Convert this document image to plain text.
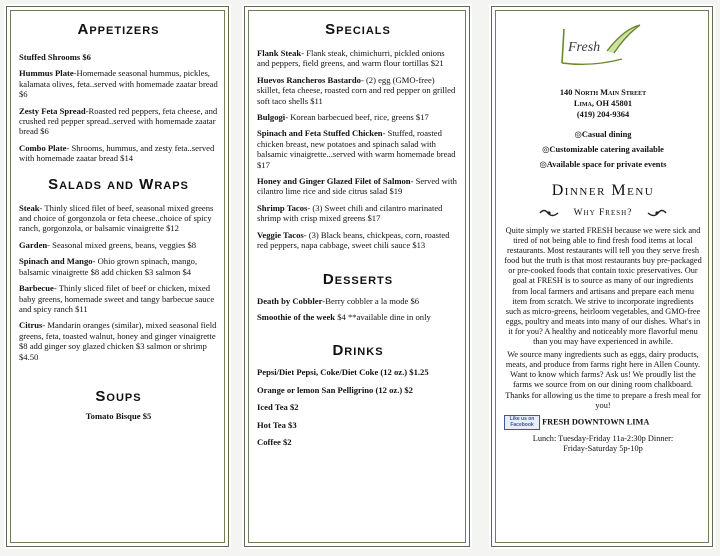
Appetizers

Stuffed Shrooms $6

Hummus Plate-Homemade seasonal hummus, pickles, kalamata olives, feta..served with homemade zaatar bread $6

Zesty Feta Spread-Roasted red peppers, feta cheese, and crushed red pepper spread..served with homemade zaatar bread $6

Combo Plate- Shrooms, hummus, and zesty feta..served with homemade zaatar bread $14

Salads and Wraps

Steak- Thinly sliced filet of beef, seasonal mixed greens and choice of gorgonzola or feta cheese..choice of spicy ranch, gorgonzola, or balsamic vinaigrette $12

Garden- Seasonal mixed greens, beans, veggies $8

Spinach and Mango- Ohio grown spinach, mango, balsamic vinaigrette $8 add chicken $3 salmon $4

Barbecue- Thinly sliced filet of beef or chicken, mixed baby greens, homemade sweet and tangy barbecue sauce and spicy ranch $11

Citrus- Mandarin oranges (similar), mixed seasonal field greens, feta, toasted walnut, honey and ginger vinaigrette $8 add ginger soy glazed chicken $3 salmon or shrimp $4.50

Soups

Tomato Bisque $5

Specials

Flank Steak- Flank steak, chimichurri, pickled onions and peppers, field greens, and warm flour tortillas $21

Huevos Rancheros Bastardo- (2) egg (GMO-free) skillet, feta cheese, roasted corn and red pepper on grilled soft taco shells $11

Bulgogi- Korean barbecued beef, rice, greens $17

Spinach and Feta Stuffed Chicken- Stuffed, roasted chicken breast, new potatoes and spinach salad with balsamic vinaigrette...served with warm homemade bread $17

Honey and Ginger Glazed Filet of Salmon- Served with cilantro lime rice and side citrus salad $19

Shrimp Tacos- (3) Sweet chili and cilantro marinated shrimp with crisp mixed greens $17

Veggie Tacos- (3) Black beans, chickpeas, corn, roasted red peppers, napa cabbage, sweet chili sauce $13

Desserts

Death by Cobbler-Berry cobbler a la mode $6

Smoothie of the week $4 **available dine in only

Drinks

Pepsi/Diet Pepsi, Coke/Diet Coke (12 oz.) $1.25

Orange or lemon San Pelligrino (12 oz.) $2

Iced Tea $2

Hot Tea $3

Coffee $2

Fresh
140 North Main Street
Lima, OH 45801
(419) 204-9364
◎Casual dining
◎Customizable catering available
◎Available space for private events
Dinner Menu
Why Fresh?

Quite simply we started FRESH because we were sick and tired of not being able to find fresh food items at local restaurants. Most restaurants will tell you they serve fresh food but the truth is that most restaurants buy pre-packaged or pre-cooked foods that contain toxic preservatives. Our goal at FRESH is to source as many of our ingredients from local farmers and artisans and prepare each menu item from scratch. We strive to incorporate ingredients such as micro-greens, heirloom vegetables, and GMO-free eggs, poultry and meats into many of our dishes. What's in it for you? A healthy and noticeably more flavorful menu than you may have experienced in awhile.

We source many ingredients such as eggs, dairy products, meats, and produce from farms right here in Allen County. Want to know which farms? Ask us! We proudly list the farms we source from on our dining room chalkboard. Thanks for allowing us the time to prepare a fresh meal for you!

Like us on Facebook FRESH DOWNTOWN LIMA
Lunch: Tuesday-Friday 11a-2:30p Dinner:
Friday-Saturday 5p-10p
